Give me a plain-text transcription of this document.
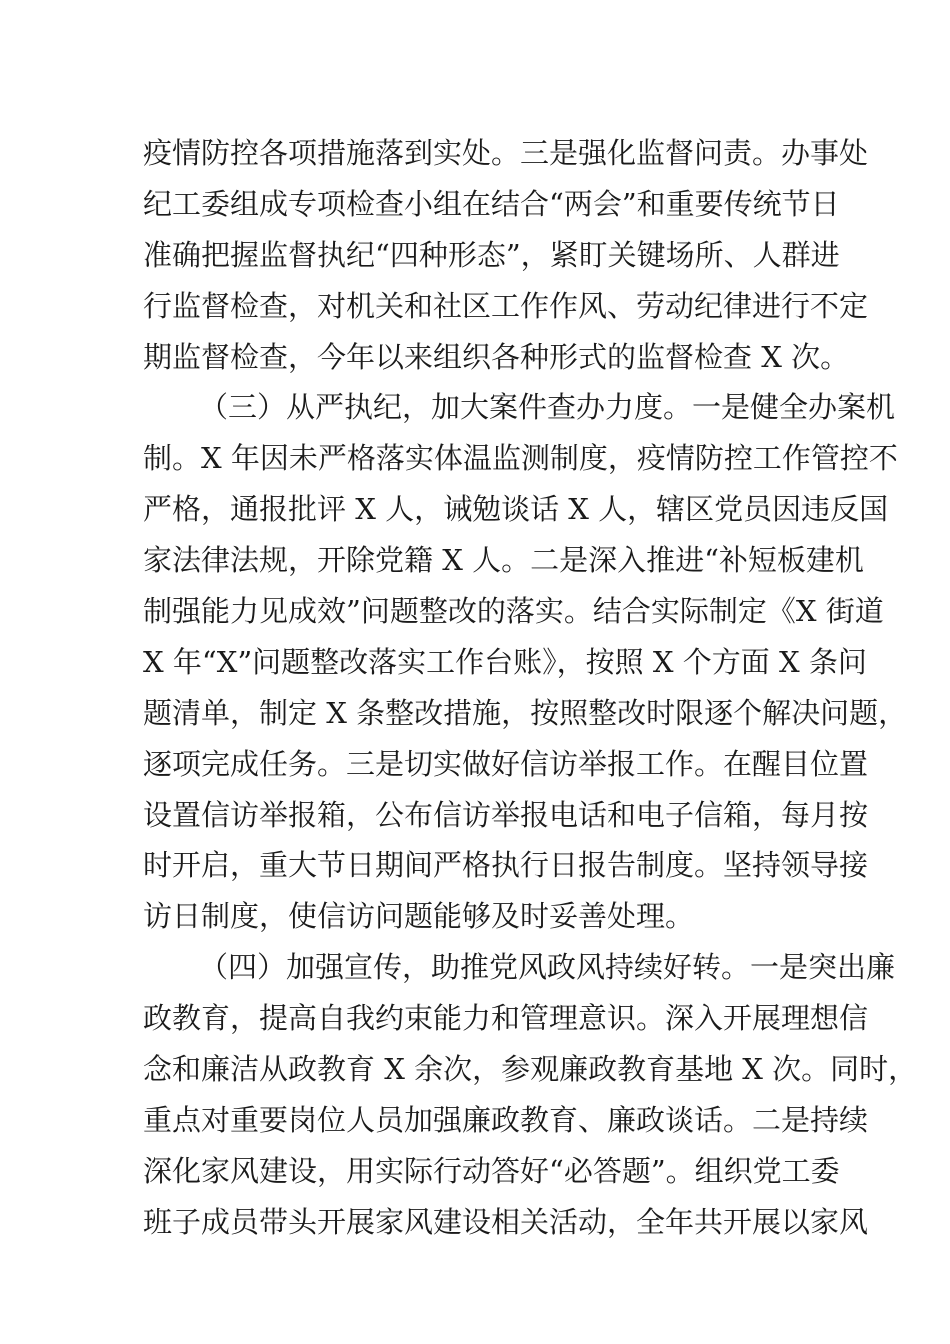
疫情防控各项措施落到实处。三是强化监督问责。办事处
纪工委组成专项检查小组在结合“两会”和重要传统节日
准确把握监督执纪“四种形态”，紧盯关键场所、人群进
行监督检查，对机关和社区工作作风、劳动纪律进行不定
期监督检查，今年以来组织各种形式的监督检查 X 次。
（三）从严执纪，加大案件查办力度。一是健全办案机
制。X 年因未严格落实体温监测制度，疫情防控工作管控不
严格，通报批评 X 人，诫勉谈话 X 人，辖区党员因违反国
家法律法规，开除党籍 X 人。二是深入推进“补短板建机
制强能力见成效”问题整改的落实。结合实际制定《X 街道
X 年“X”问题整改落实工作台账》，按照 X 个方面 X 条问
题清单，制定 X 条整改措施，按照整改时限逐个解决问题，
逐项完成任务。三是切实做好信访举报工作。在醒目位置
设置信访举报箱，公布信访举报电话和电子信箱，每月按
时开启，重大节日期间严格执行日报告制度。坚持领导接
访日制度，使信访问题能够及时妥善处理。
（四）加强宣传，助推党风政风持续好转。一是突出廉
政教育，提高自我约束能力和管理意识。深入开展理想信
念和廉洁从政教育 X 余次，参观廉政教育基地 X 次。同时，
重点对重要岗位人员加强廉政教育、廉政谈话。二是持续
深化家风建设，用实际行动答好“必答题”。组织党工委
班子成员带头开展家风建设相关活动，全年共开展以家风
